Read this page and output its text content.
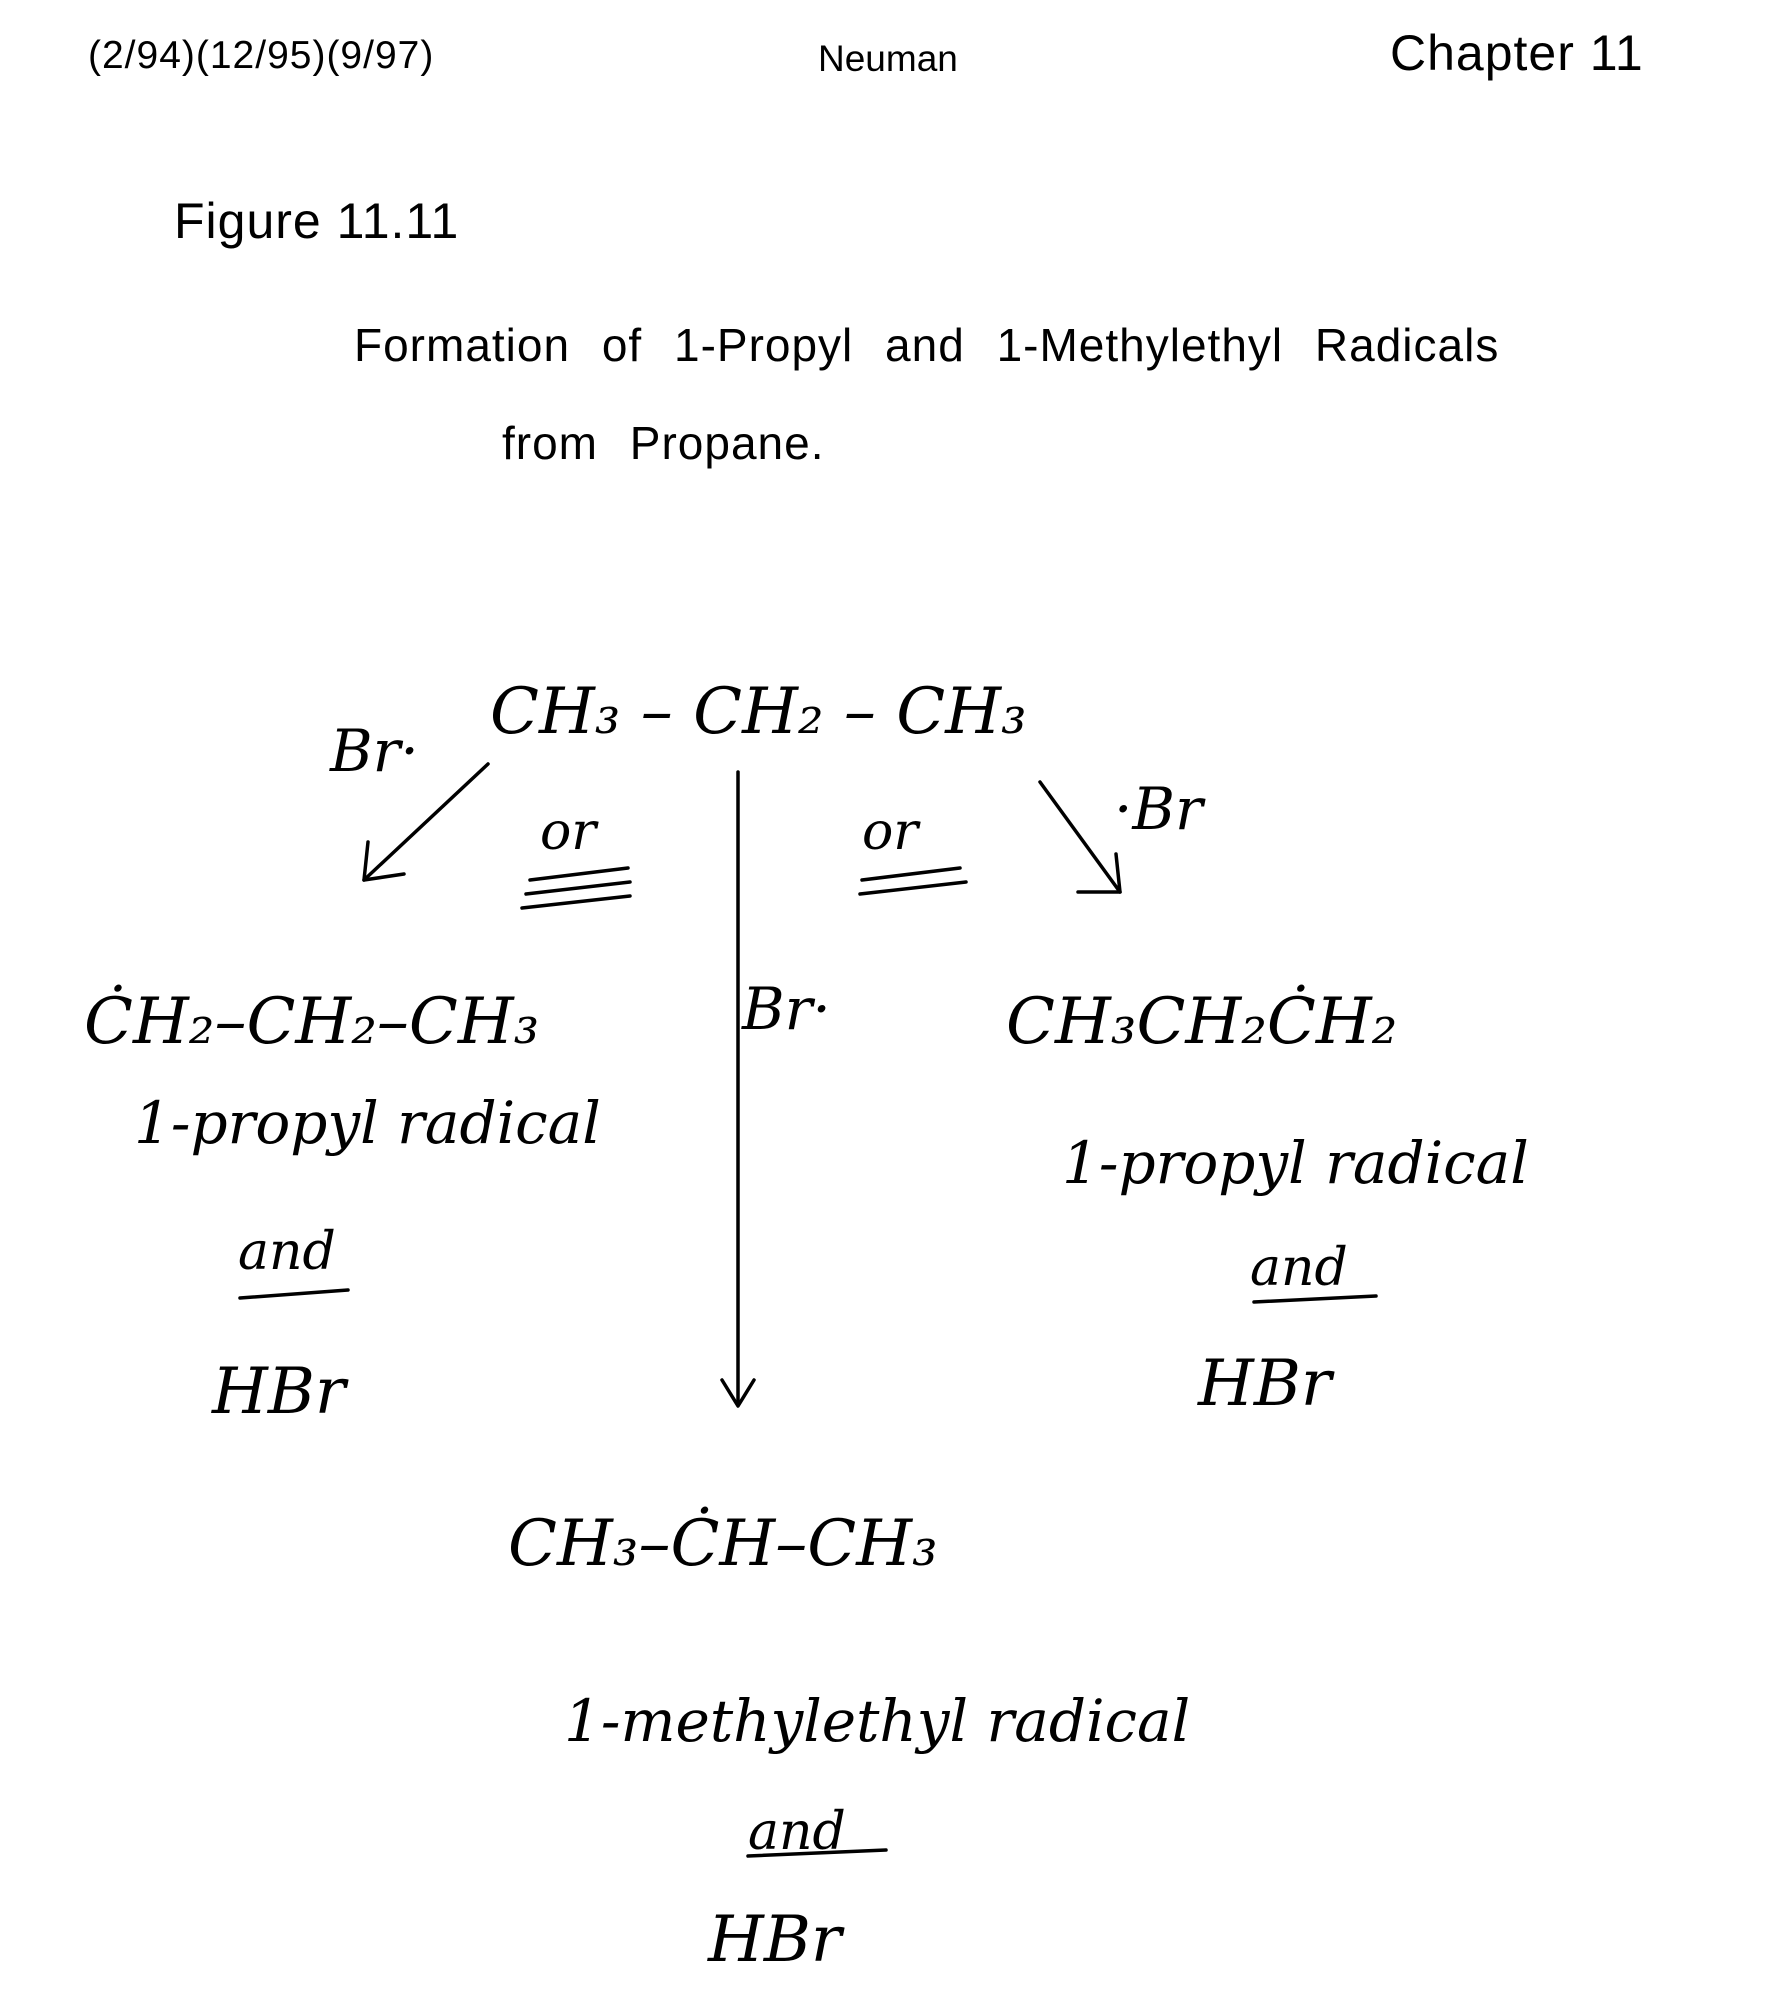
(2/94)(12/95)(9/97)	Neuman	Chapter 11
Figure 11.11
Formation of 1-Propyl and 1-Methylethyl Radicals
from Propane.
CH₃ – CH₂ – CH₃
Br·
Br·
·Br
or	or
ĊH₂–CH₂–CH₃
1-propyl radical
and
HBr
CH₃CH₂ĊH₂
1-propyl radical
and
HBr
CH₃–ĊH–CH₃
1-methylethyl radical
and
HBr
